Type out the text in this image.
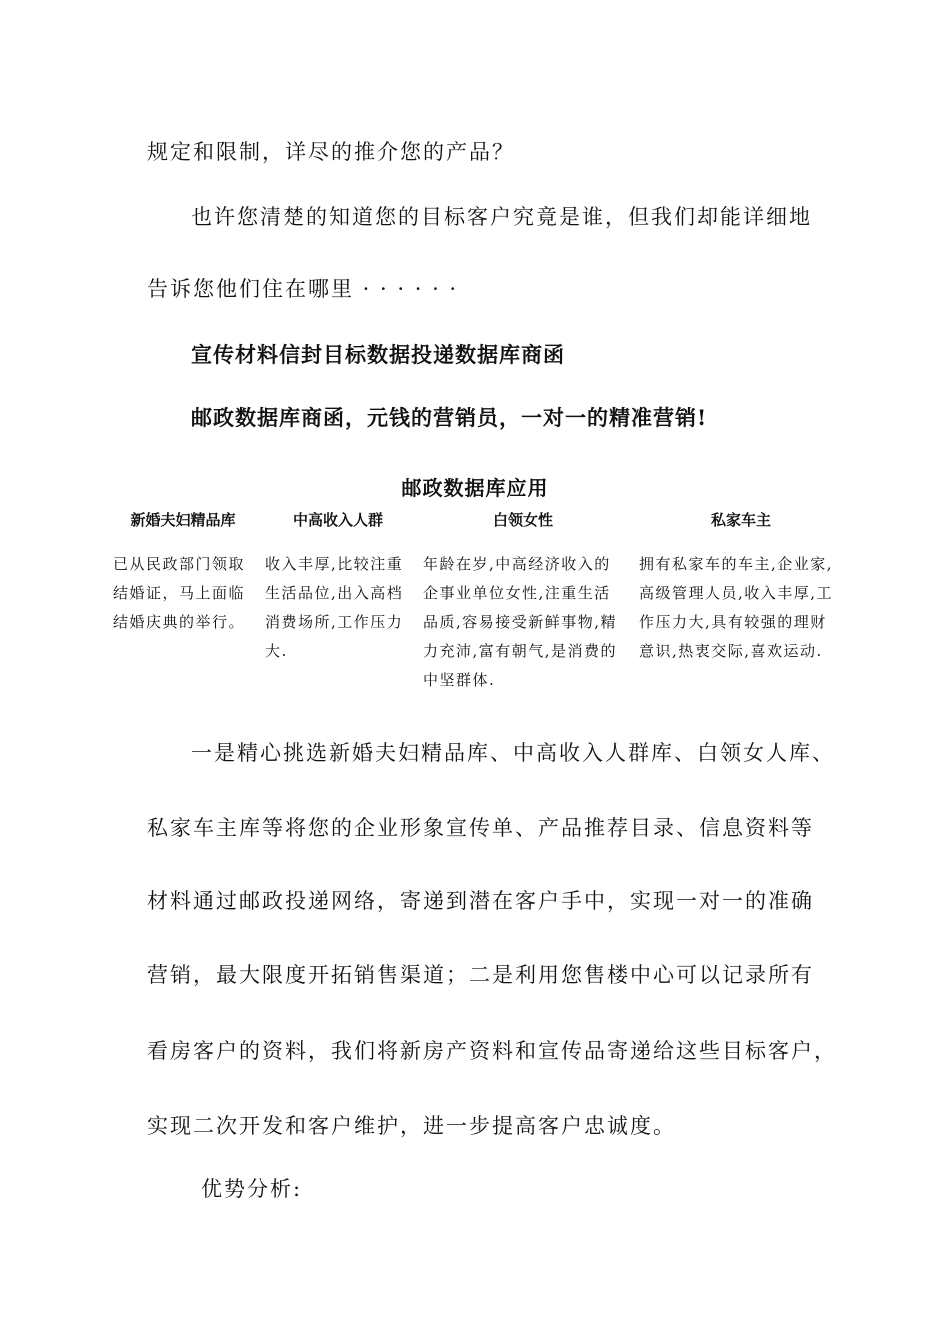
规定和限制，详尽的推介您的产品？
也许您清楚的知道您的目标客户究竟是谁，但我们却能详细地
告诉您他们住在哪里 · · · · · ·
宣传材料信封目标数据投递数据库商函
邮政数据库商函，元钱的营销员，一对一的精准营销!
邮政数据库应用
新婚夫妇精品库
已从民政部门领取结婚证，马上面临结婚庆典的举行。
中高收入人群
收入丰厚,比较注重生活品位,出入高档消费场所,工作压力大.
白领女性
年龄在岁,中高经济收入的企事业单位女性,注重生活品质,容易接受新鲜事物,精力充沛,富有朝气,是消费的中坚群体.
私家车主
拥有私家车的车主,企业家,高级管理人员,收入丰厚,工作压力大,具有较强的理财意识,热衷交际,喜欢运动.
一是精心挑选新婚夫妇精品库、中高收入人群库、白领女人库、
私家车主库等将您的企业形象宣传单、产品推荐目录、信息资料等
材料通过邮政投递网络，寄递到潜在客户手中，实现一对一的准确
营销，最大限度开拓销售渠道；二是利用您售楼中心可以记录所有
看房客户的资料，我们将新房产资料和宣传品寄递给这些目标客户，
实现二次开发和客户维护，进一步提高客户忠诚度。
优势分析:
